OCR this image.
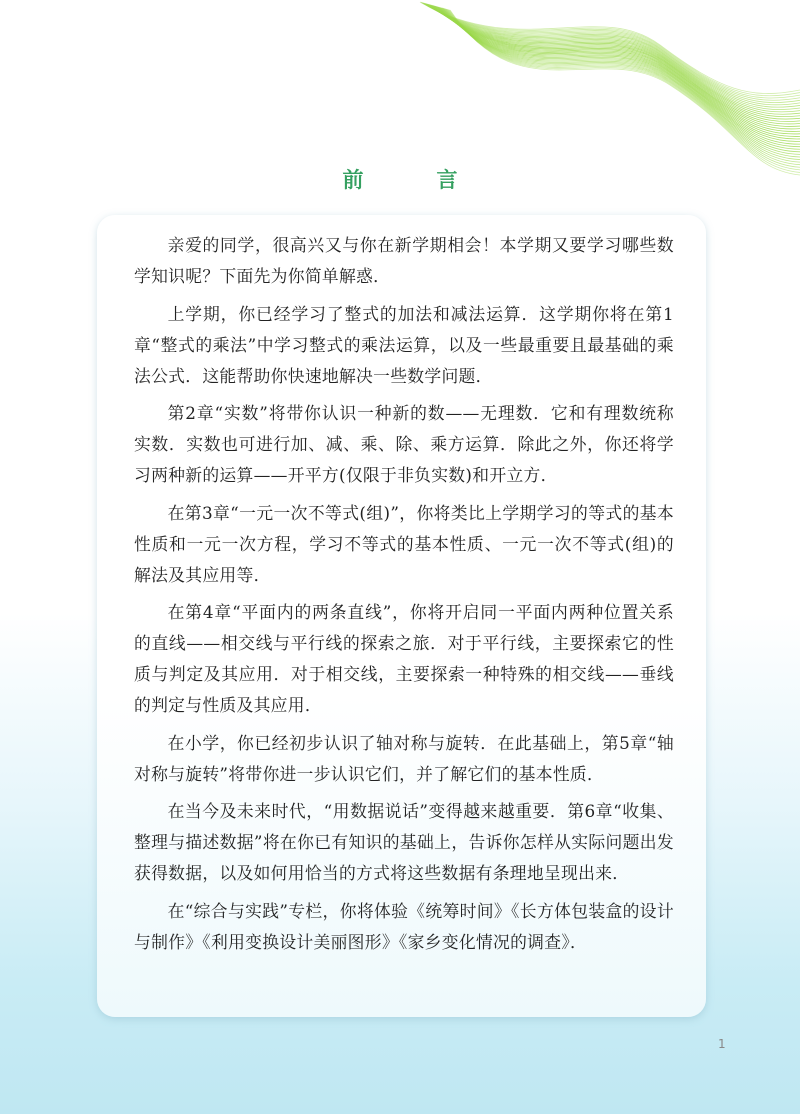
前　言

亲爱的同学，很高兴又与你在新学期相会！本学期又要学习哪些数学知识呢？下面先为你简单解惑．

上学期，你已经学习了整式的加法和减法运算．这学期你将在第1章“整式的乘法”中学习整式的乘法运算，以及一些最重要且最基础的乘法公式．这能帮助你快速地解决一些数学问题．

第2章“实数”将带你认识一种新的数——无理数．它和有理数统称实数．实数也可进行加、减、乘、除、乘方运算．除此之外，你还将学习两种新的运算——开平方(仅限于非负实数)和开立方．

在第3章“一元一次不等式(组)”，你将类比上学期学习的等式的基本性质和一元一次方程，学习不等式的基本性质、一元一次不等式(组)的解法及其应用等．

在第4章“平面内的两条直线”，你将开启同一平面内两种位置关系的直线——相交线与平行线的探索之旅．对于平行线，主要探索它的性质与判定及其应用．对于相交线，主要探索一种特殊的相交线——垂线的判定与性质及其应用．

在小学，你已经初步认识了轴对称与旋转．在此基础上，第5章“轴对称与旋转”将带你进一步认识它们，并了解它们的基本性质．

在当今及未来时代，“用数据说话”变得越来越重要．第6章“收集、整理与描述数据”将在你已有知识的基础上，告诉你怎样从实际问题出发获得数据，以及如何用恰当的方式将这些数据有条理地呈现出来．

在“综合与实践”专栏，你将体验《统筹时间》《长方体包装盒的设计与制作》《利用变换设计美丽图形》《家乡变化情况的调查》．

1
